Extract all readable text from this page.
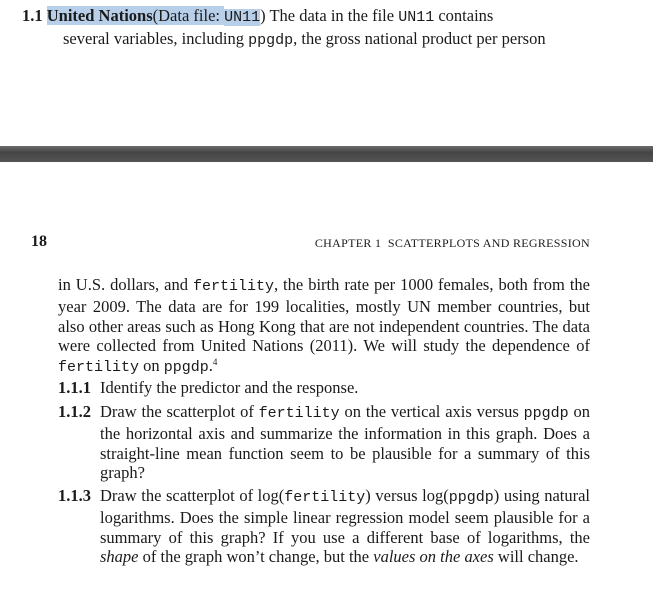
1.1 United Nations(Data file: UN11) The data in the file UN11 contains
several variables, including ppgdp, the gross national product per person
18	CHAPTER 1 SCATTERPLOTS AND REGRESSION
in U.S. dollars, and fertility, the birth rate per 1000 females, both from the year 2009. The data are for 199 localities, mostly UN member countries, but also other areas such as Hong Kong that are not independent countries. The data were collected from United Nations (2011). We will study the dependence of fertility on ppgdp.$^4$
1.1.1 Identify the predictor and the response.
1.1.2 Draw the scatterplot of fertility on the vertical axis versus ppgdp on the horizontal axis and summarize the information in this graph. Does a straight-line mean function seem to be plausible for a summary of this graph?
1.1.3 Draw the scatterplot of log(fertility) versus log(ppgdp) using natural logarithms. Does the simple linear regression model seem plausible for a summary of this graph? If you use a different base of logarithms, the shape of the graph won’t change, but the values on the axes will change.
